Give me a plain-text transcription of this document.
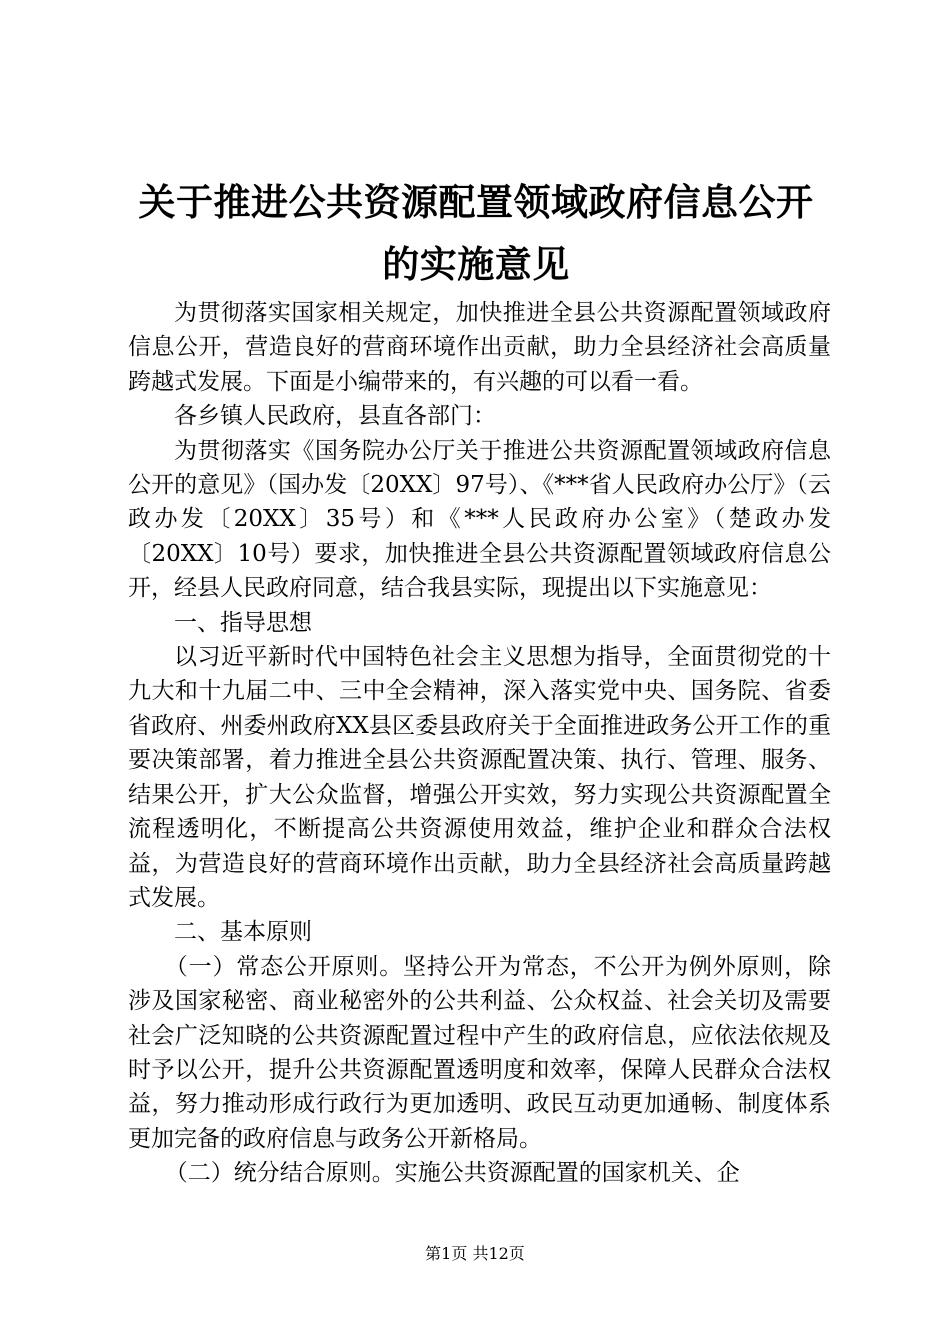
关于推进公共资源配置领域政府信息公开的实施意见

为贯彻落实国家相关规定，加快推进全县公共资源配置领域政府信息公开，营造良好的营商环境作出贡献，助力全县经济社会高质量跨越式发展。下面是小编带来的，有兴趣的可以看一看。

各乡镇人民政府，县直各部门：

为贯彻落实《国务院办公厅关于推进公共资源配置领域政府信息公开的意见》（国办发〔20XX〕97号）、《***省人民政府办公厅》（云政办发〔20XX〕35号）和《***人民政府办公室》（楚政办发〔20XX〕10号）要求，加快推进全县公共资源配置领域政府信息公开，经县人民政府同意，结合我县实际，现提出以下实施意见：

一、指导思想

以习近平新时代中国特色社会主义思想为指导，全面贯彻党的十九大和十九届二中、三中全会精神，深入落实党中央、国务院、省委省政府、州委州政府XX县区委县政府关于全面推进政务公开工作的重要决策部署，着力推进全县公共资源配置决策、执行、管理、服务、结果公开，扩大公众监督，增强公开实效，努力实现公共资源配置全流程透明化，不断提高公共资源使用效益，维护企业和群众合法权益，为营造良好的营商环境作出贡献，助力全县经济社会高质量跨越式发展。

二、基本原则

（一）常态公开原则。坚持公开为常态，不公开为例外原则，除涉及国家秘密、商业秘密外的公共利益、公众权益、社会关切及需要社会广泛知晓的公共资源配置过程中产生的政府信息，应依法依规及时予以公开，提升公共资源配置透明度和效率，保障人民群众合法权益，努力推动形成行政行为更加透明、政民互动更加通畅、制度体系更加完备的政府信息与政务公开新格局。

（二）统分结合原则。实施公共资源配置的国家机关、企

第1页 共12页
